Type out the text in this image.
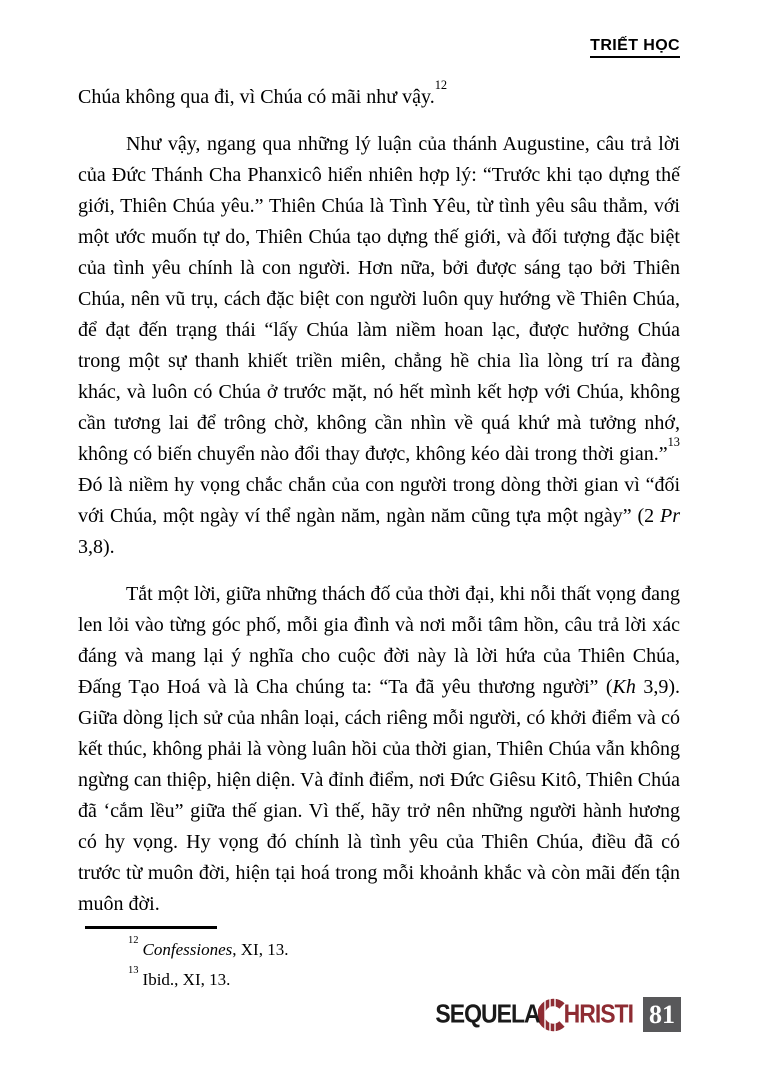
TRIẾT HỌC

Chúa không qua đi, vì Chúa có mãi như vậy.$^{12}$

Như vậy, ngang qua những lý luận của thánh Augustine, câu trả lời của Đức Thánh Cha Phanxicô hiển nhiên hợp lý: “Trước khi tạo dựng thế giới, Thiên Chúa yêu.” Thiên Chúa là Tình Yêu, từ tình yêu sâu thẳm, với một ước muốn tự do, Thiên Chúa tạo dựng thế giới, và đối tượng đặc biệt của tình yêu chính là con người. Hơn nữa, bởi được sáng tạo bởi Thiên Chúa, nên vũ trụ, cách đặc biệt con người luôn quy hướng về Thiên Chúa, để đạt đến trạng thái “lấy Chúa làm niềm hoan lạc, được hưởng Chúa trong một sự thanh khiết triền miên, chẳng hề chia lìa lòng trí ra đàng khác, và luôn có Chúa ở trước mặt, nó hết mình kết hợp với Chúa, không cần tương lai để trông chờ, không cần nhìn về quá khứ mà tưởng nhớ, không có biến chuyển nào đổi thay được, không kéo dài trong thời gian.”$^{13}$ Đó là niềm hy vọng chắc chắn của con người trong dòng thời gian vì “đối với Chúa, một ngày ví thể ngàn năm, ngàn năm cũng tựa một ngày” (2 Pr 3,8).

Tắt một lời, giữa những thách đố của thời đại, khi nỗi thất vọng đang len lỏi vào từng góc phố, mỗi gia đình và nơi mỗi tâm hồn, câu trả lời xác đáng và mang lại ý nghĩa cho cuộc đời này là lời hứa của Thiên Chúa, Đấng Tạo Hoá và là Cha chúng ta: “Ta đã yêu thương người” (Kh 3,9). Giữa dòng lịch sử của nhân loại, cách riêng mỗi người, có khởi điểm và có kết thúc, không phải là vòng luân hồi của thời gian, Thiên Chúa vẫn không ngừng can thiệp, hiện diện. Và đỉnh điểm, nơi Đức Giêsu Kitô, Thiên Chúa đã ‘cắm lều” giữa thế gian. Vì thế, hãy trở nên những người hành hương có hy vọng. Hy vọng đó chính là tình yêu của Thiên Chúa, điều đã có trước từ muôn đời, hiện tại hoá trong mỗi khoảnh khắc và còn mãi đến tận muôn đời.

$^{12}$ Confessiones, XI, 13.
$^{13}$ Ibid., XI, 13.
SEQUELA HRISTI 81
